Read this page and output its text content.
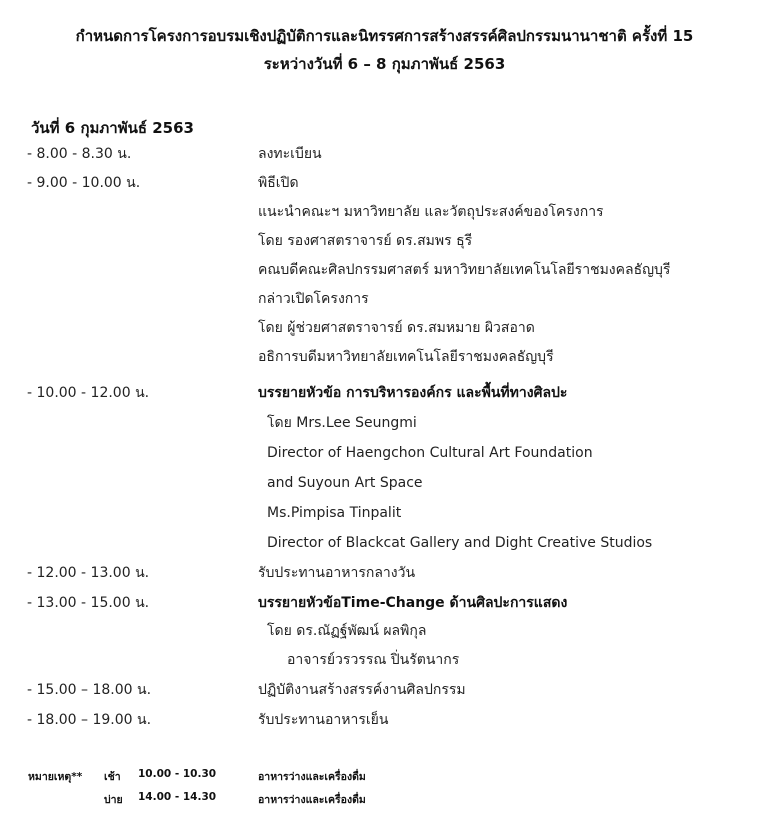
กำหนดการโครงการอบรมเชิงปฏิบัติการและนิทรรศการสร้างสรรค์ศิลปกรรมนานาชาติ ครั้งที่ 15
ระหว่างวันที่ 6 – 8 กุมภาพันธ์ 2563
วันที่ 6 กุมภาพันธ์ 2563
- 8.00 - 8.30 น.	ลงทะเบียน
- 9.00 - 10.00 น.	พิธีเปิด
แนะนำคณะฯ มหาวิทยาลัย และวัตถุประสงค์ของโครงการ
โดย รองศาสตราจารย์ ดร.สมพร ธุรี
คณบดีคณะศิลปกรรมศาสตร์ มหาวิทยาลัยเทคโนโลยีราชมงคลธัญบุรี
กล่าวเปิดโครงการ
โดย ผู้ช่วยศาสตราจารย์ ดร.สมหมาย ผิวสอาด
อธิการบดีมหาวิทยาลัยเทคโนโลยีราชมงคลธัญบุรี
- 10.00 - 12.00 น.	บรรยายหัวข้อ การบริหารองค์กร และพื้นที่ทางศิลปะ
โดย Mrs.Lee Seungmi
Director of Haengchon Cultural Art Foundation
and Suyoun Art Space
Ms.Pimpisa Tinpalit
Director of Blackcat Gallery and Dight Creative Studios
- 12.00 - 13.00 น.	รับประทานอาหารกลางวัน
- 13.00 - 15.00 น.	บรรยายหัวข้อTime-Change ด้านศิลปะการแสดง
โดย ดร.ณัฏฐ์พัฒน์ ผลพิกุล
อาจารย์วรวรรณ ปิ่นรัตนากร
- 15.00 – 18.00 น.	ปฏิบัติงานสร้างสรรค์งานศิลปกรรม
- 18.00 – 19.00 น.	รับประทานอาหารเย็น
หมายเหตุ** เช้า 10.00 - 10.30	อาหารว่างและเครื่องดื่ม
บ่าย 14.00 - 14.30	อาหารว่างและเครื่องดื่ม
